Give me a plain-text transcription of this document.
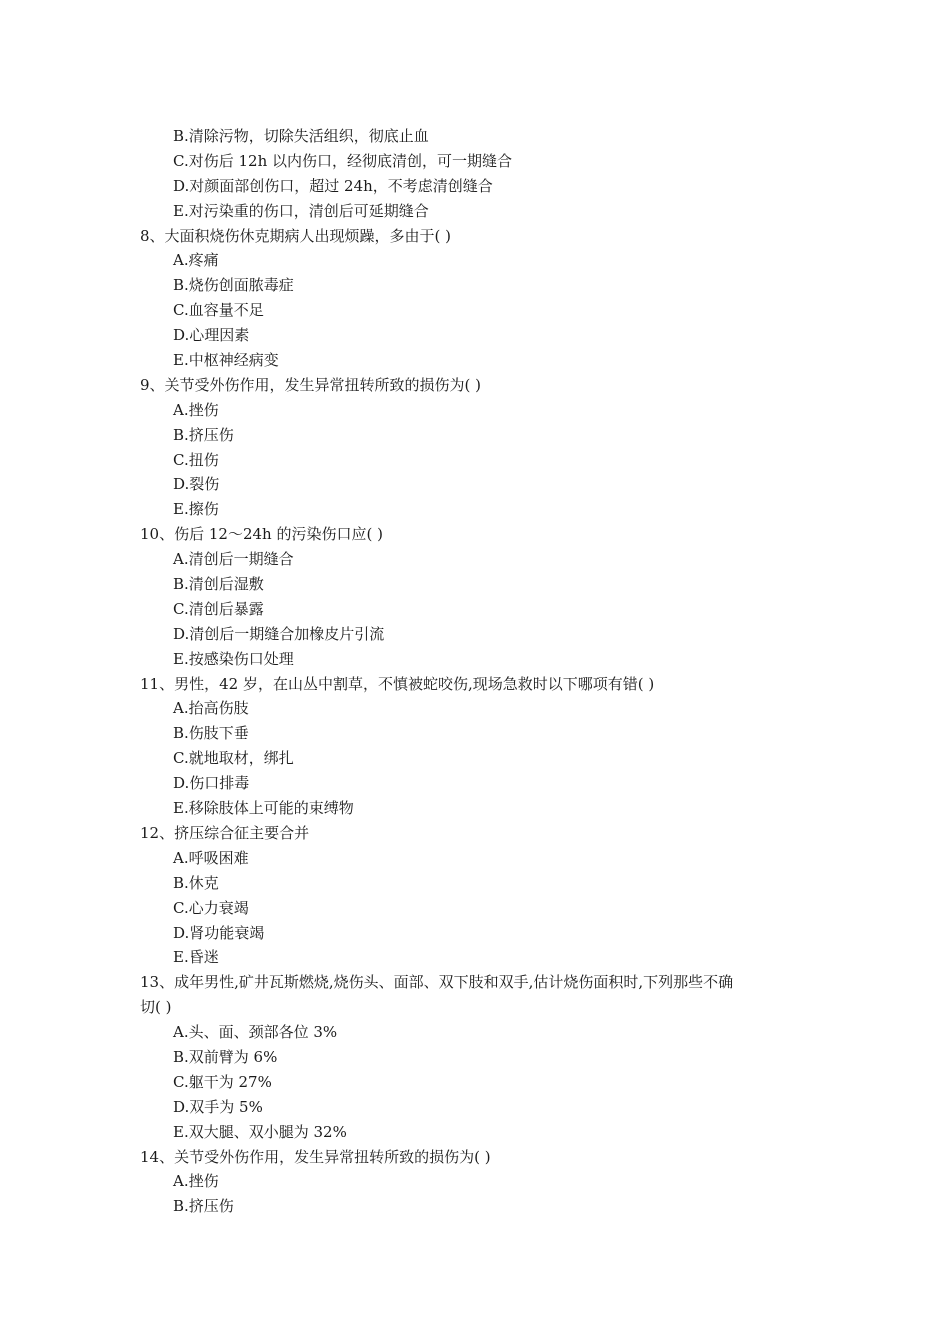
B.清除污物，切除失活组织，彻底止血
C.对伤后 12h 以内伤口，经彻底清创，可一期缝合
D.对颜面部创伤口，超过 24h，不考虑清创缝合
E.对污染重的伤口，清创后可延期缝合
8、大面积烧伤休克期病人出现烦躁，多由于( )
A.疼痛
B.烧伤创面脓毒症
C.血容量不足
D.心理因素
E.中枢神经病变
9、关节受外伤作用，发生异常扭转所致的损伤为( )
A.挫伤
B.挤压伤
C.扭伤
D.裂伤
E.擦伤
10、伤后 12～24h 的污染伤口应( )
A.清创后一期缝合
B.清创后湿敷
C.清创后暴露
D.清创后一期缝合加橡皮片引流
E.按感染伤口处理
11、男性，42 岁，在山丛中割草，不慎被蛇咬伤,现场急救时以下哪项有错( )
A.抬高伤肢
B.伤肢下垂
C.就地取材，绑扎
D.伤口排毒
E.移除肢体上可能的束缚物
12、挤压综合征主要合并
A.呼吸困难
B.休克
C.心力衰竭
D.肾功能衰竭
E.昏迷
13、成年男性,矿井瓦斯燃烧,烧伤头、面部、双下肢和双手,估计烧伤面积时,下列那些不确
切( )
A.头、面、颈部各位 3%
B.双前臂为 6%
C.躯干为 27%
D.双手为 5%
E.双大腿、双小腿为 32%
14、关节受外伤作用，发生异常扭转所致的损伤为( )
A.挫伤
B.挤压伤
